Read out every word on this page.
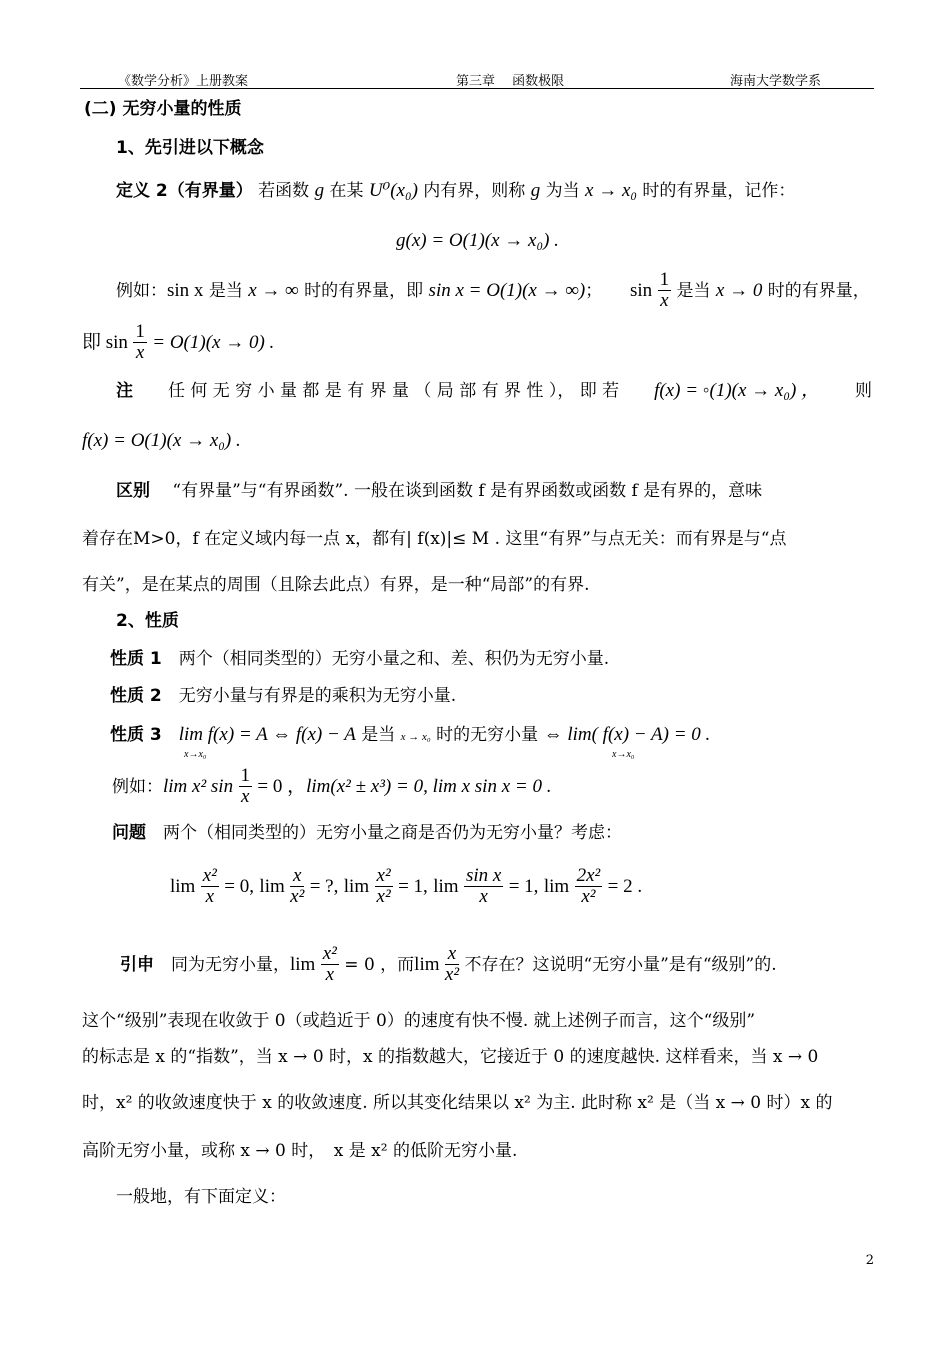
《数学分析》上册教案	第三章　 函数极限	海南大学数学系
(二) 无穷小量的性质
1、先引进以下概念
定义 2（有界量） 若函数 g 在某 U⁰(x₀) 内有界，则称 g 为当 x → x₀ 时的有界量，记作：
g(x) = O(1)(x → x₀) .
例如：sin x 是当 x → ∞ 时的有界量，即 sin x = O(1)(x → ∞)； $\sin \frac{1}{x}$ 是当 x → 0 时的有界量，
即 $\sin \frac{1}{x} = O(1)(x \to 0)$ .
注 任 何 无 穷 小 量 都 是 有 界 量 （ 局 部 有 界 性 ）， 即 若 f(x) = ◦(1)(x → x₀) ， 则
f(x) = O(1)(x → x₀) .
区别　 “有界量”与“有界函数”. 一般在谈到函数 f 是有界函数或函数 f 是有界的，意味
着存在M>0，f 在定义域内每一点 x，都有| f(x)|≤ M . 这里“有界”与点无关：而有界是与“点
有关”，是在某点的周围（且除去此点）有界，是一种“局部”的有界.
2、性质
性质 1　 两个（相同类型的）无穷小量之和、差、积仍为无穷小量.
性质 2　 无穷小量与有界是的乘积为无穷小量.
性质 3　 lim f(x) = A ⇔ f(x) − A 是当 x → x₀ 时的无穷小量 ⇔ lim( f(x) − A) = 0 .
x→x₀	x→x₀
例如：lim x² $\sin \frac{1}{x} = 0$ ，lim(x² ± x³) = 0, lim x sin x = 0 .
问题　 两个（相同类型的）无穷小量之商是否仍为无穷小量？考虑：
$\lim \frac{\text{x²}}{x} = 0$, $\lim \frac{x}{\text{x²}}$ = ?, $\lim \frac{\text{x²}}{\text{x²}} = 1$, $\lim \frac{\text{sin x}}{x} = 1$, $\lim \frac{\text{2x²}}{\text{x²}} = 2$ .
引申　 同为无穷小量，$\lim \frac{\text{x²}}{x} = 0$ ，而$\lim \frac{x}{\text{x²}}$ 不存在？这说明“无穷小量”是有“级别”的.
这个“级别”表现在收敛于 0（或趋近于 0）的速度有快不慢. 就上述例子而言，这个“级别”
的标志是 x 的“指数”，当 x → 0 时，x 的指数越大，它接近于 0 的速度越快. 这样看来，当 x → 0
时，x² 的收敛速度快于 x 的收敛速度. 所以其变化结果以 x² 为主. 此时称 x² 是（当 x → 0 时）x 的
高阶无穷小量，或称 x → 0 时，　x 是 x² 的低阶无穷小量.
一般地，有下面定义：
2
